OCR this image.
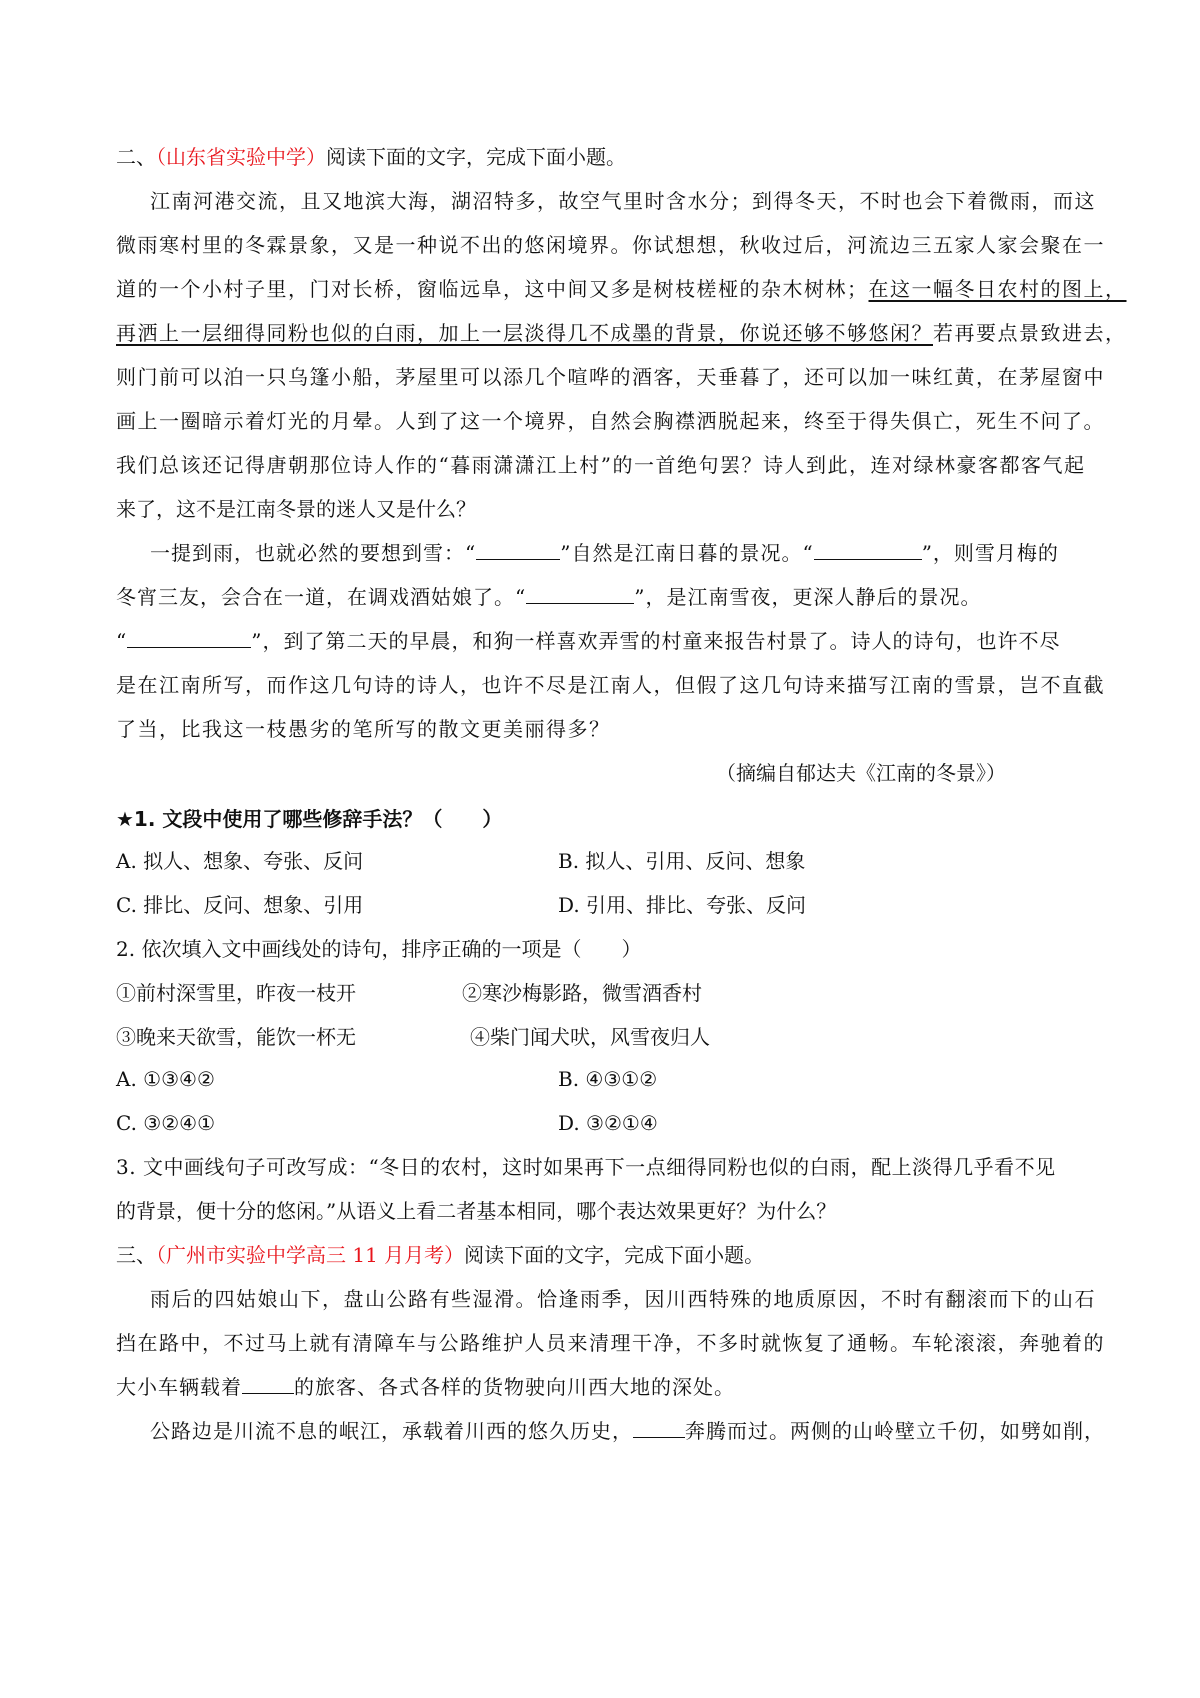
二、（山东省实验中学）阅读下面的文字，完成下面小题。
江南河港交流，且又地滨大海，湖沼特多，故空气里时含水分；到得冬天，不时也会下着微雨，而这
微雨寒村里的冬霖景象，又是一种说不出的悠闲境界。你试想想，秋收过后，河流边三五家人家会聚在一
道的一个小村子里，门对长桥，窗临远阜，这中间又多是树枝槎桠的杂木树林；在这一幅冬日农村的图上，
再洒上一层细得同粉也似的白雨，加上一层淡得几不成墨的背景，你说还够不够悠闲？若再要点景致进去，
则门前可以泊一只乌篷小船，茅屋里可以添几个喧哗的酒客，天垂暮了，还可以加一味红黄，在茅屋窗中
画上一圈暗示着灯光的月晕。人到了这一个境界，自然会胸襟洒脱起来，终至于得失俱亡，死生不问了。
我们总该还记得唐朝那位诗人作的“暮雨潇潇江上村”的一首绝句罢？诗人到此，连对绿林豪客都客气起
来了，这不是江南冬景的迷人又是什么？
一提到雨，也就必然的要想到雪：“	”自然是江南日暮的景况。“	”，则雪月梅的
冬宵三友，会合在一道，在调戏酒姑娘了。“	”，是江南雪夜，更深人静后的景况。
“	”，到了第二天的早晨，和狗一样喜欢弄雪的村童来报告村景了。诗人的诗句，也许不尽
是在江南所写，而作这几句诗的诗人，也许不尽是江南人，但假了这几句诗来描写江南的雪景，岂不直截
了当，比我这一枝愚劣的笔所写的散文更美丽得多？
（摘编自郁达夫《江南的冬景》）
★1. 文段中使用了哪些修辞手法？（　　）
A. 拟人、想象、夸张、反问	B. 拟人、引用、反问、想象
C. 排比、反问、想象、引用	D. 引用、排比、夸张、反问
2. 依次填入文中画线处的诗句，排序正确的一项是（　　）
①前村深雪里，昨夜一枝开	②寒沙梅影路，微雪酒香村
③晚来天欲雪，能饮一杯无	④柴门闻犬吠，风雪夜归人
A. ①③④②	B. ④③①②
C. ③②④①	D. ③②①④
3. 文中画线句子可改写成：“冬日的农村，这时如果再下一点细得同粉也似的白雨，配上淡得几乎看不见
的背景，便十分的悠闲。”从语义上看二者基本相同，哪个表达效果更好？为什么？
三、（广州市实验中学高三 11 月月考）阅读下面的文字，完成下面小题。
雨后的四姑娘山下，盘山公路有些湿滑。恰逢雨季，因川西特殊的地质原因，不时有翻滚而下的山石
挡在路中，不过马上就有清障车与公路维护人员来清理干净，不多时就恢复了通畅。车轮滚滚，奔驰着的
大小车辆载着	的旅客、各式各样的货物驶向川西大地的深处。
公路边是川流不息的岷江，承载着川西的悠久历史，	奔腾而过。两侧的山岭壁立千仞，如劈如削，
